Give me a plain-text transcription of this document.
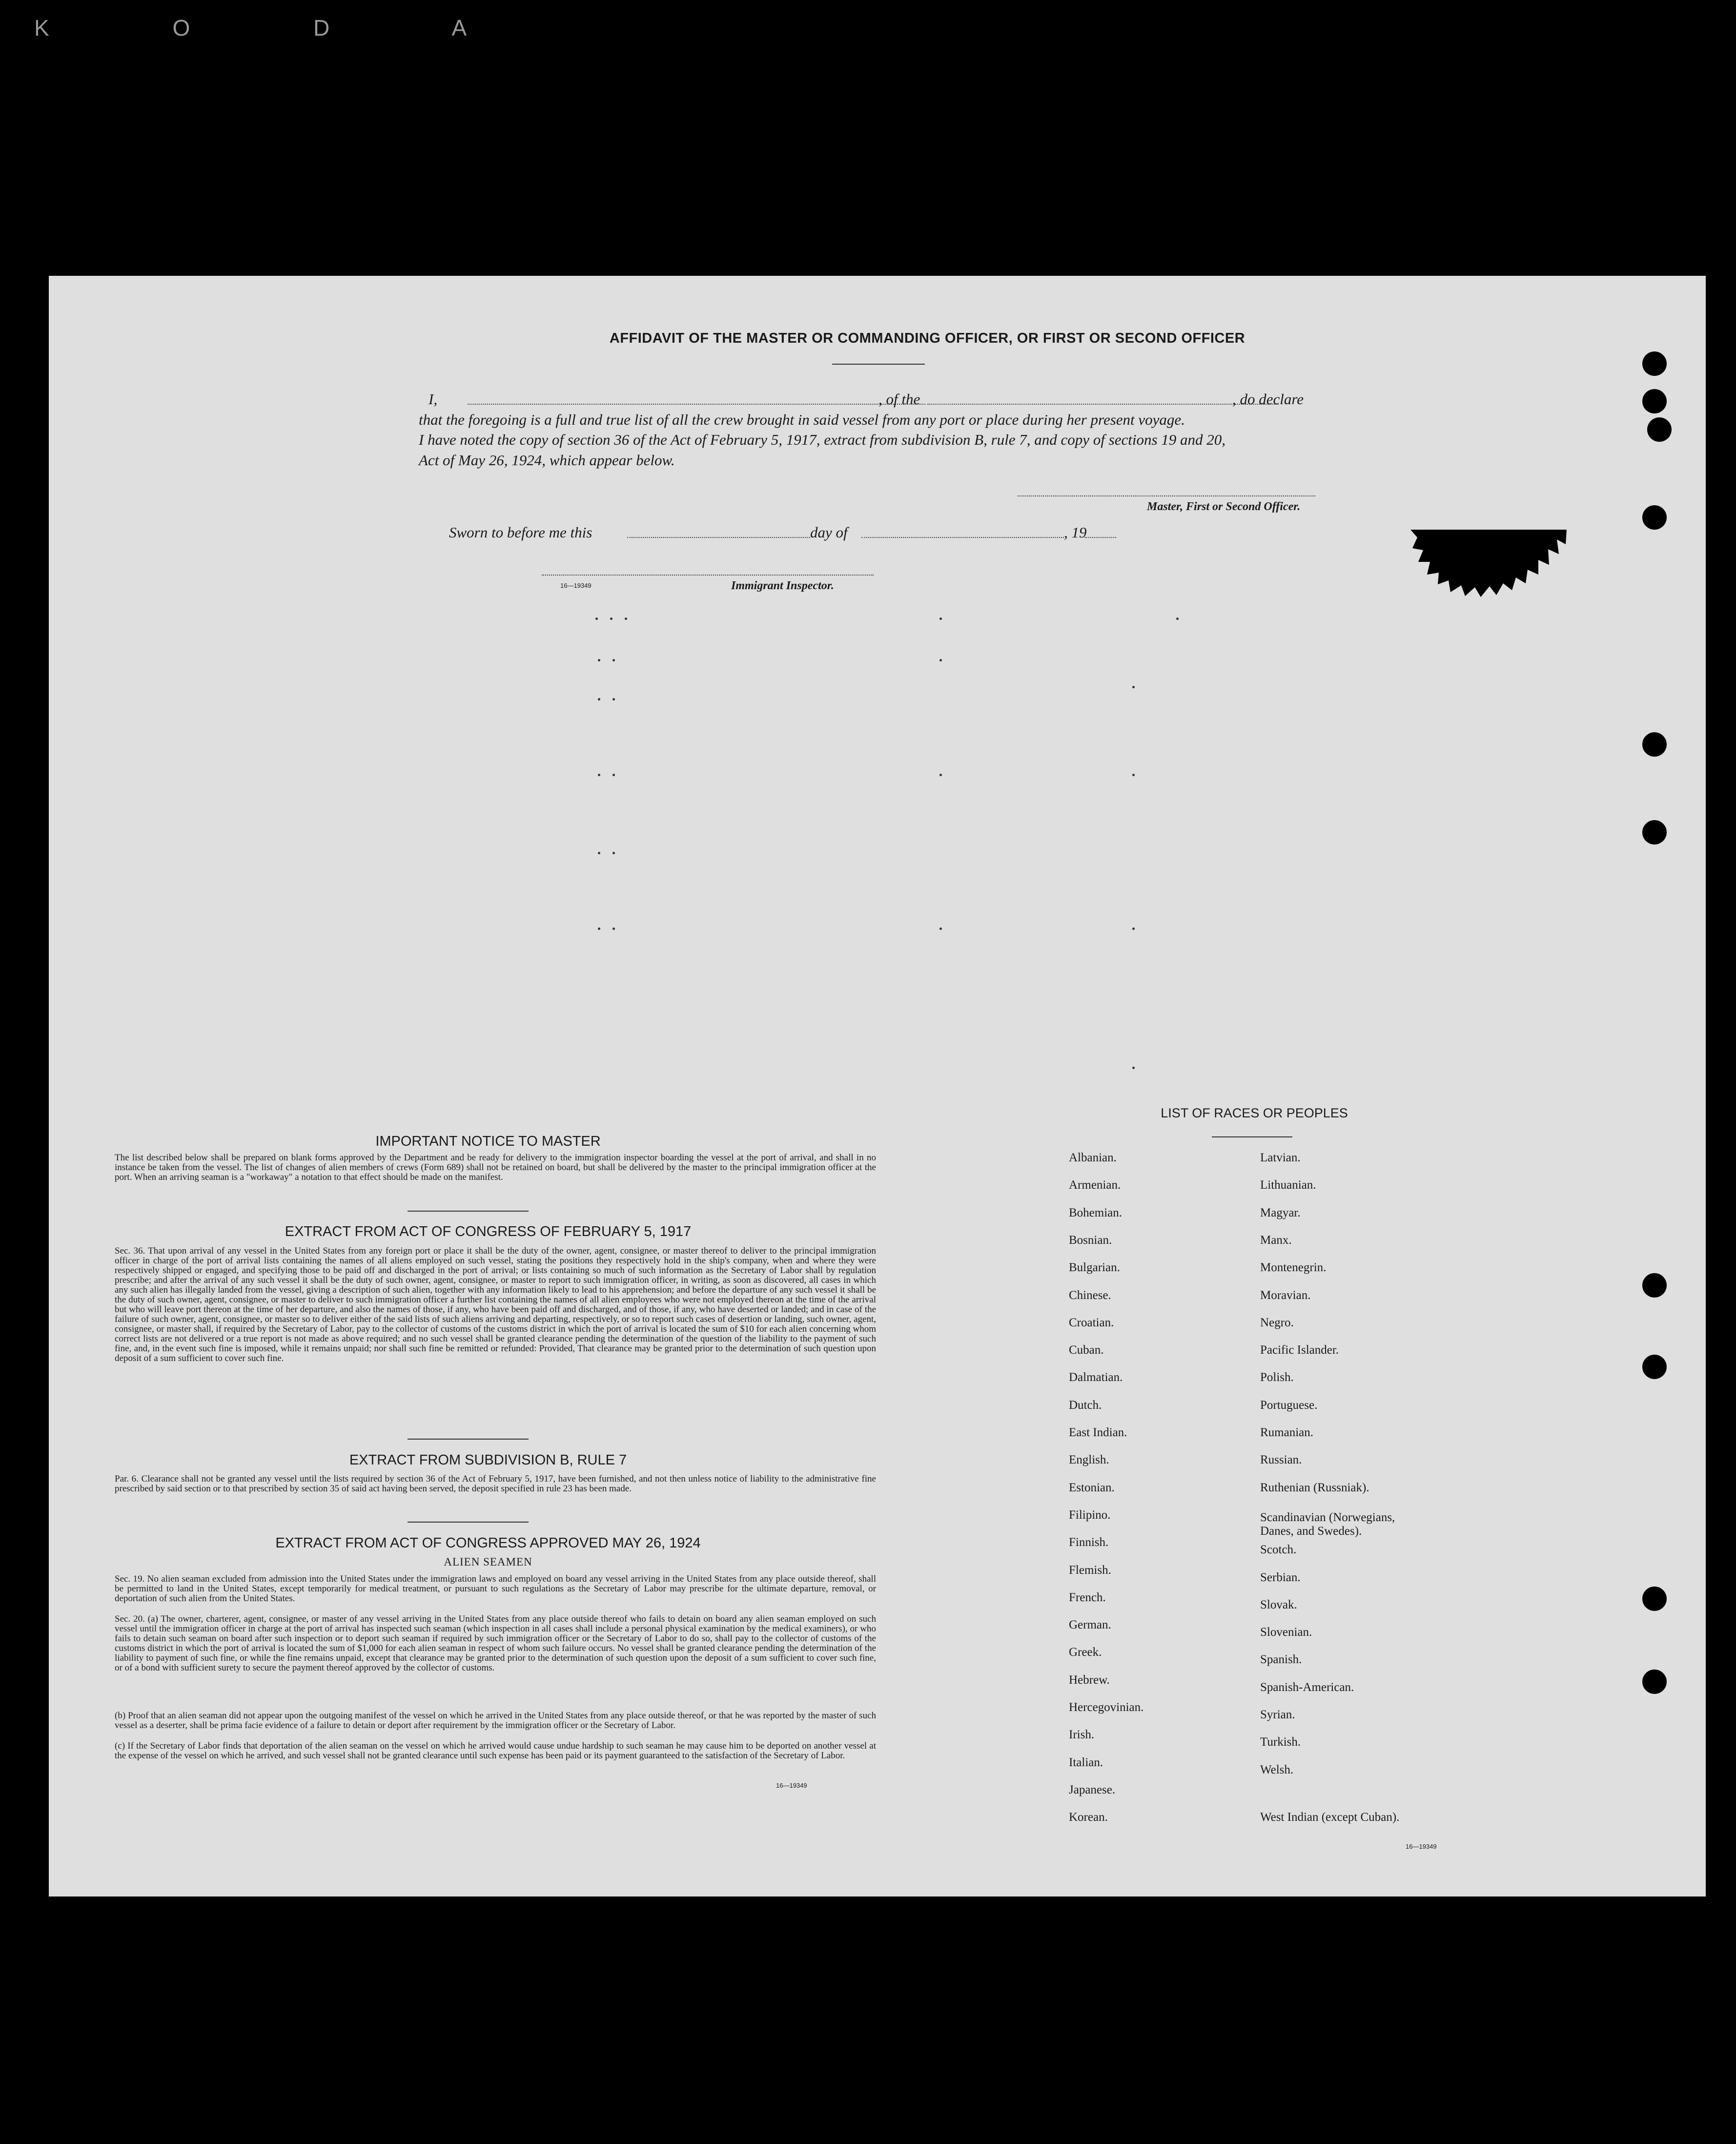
K O D A
AFFIDAVIT OF THE MASTER OR COMMANDING OFFICER, OR FIRST OR SECOND OFFICER
I,	, of the	, do declare
that the foregoing is a full and true list of all the crew brought in said vessel from any port or place during her present voyage.
I have noted the copy of section 36 of the Act of February 5, 1917, extract from subdivision B, rule 7, and copy of sections 19 and 20,
Act of May 26, 1924, which appear below.
Master, First or Second Officer.
Sworn to before me this	day of	, 19
16—19349	Immigrant Inspector.
IMPORTANT NOTICE TO MASTER
The list described below shall be prepared on blank forms approved by the Department and be ready for delivery to the immigration inspector boarding the vessel at the port of arrival, and shall in no instance be taken from the vessel. The list of changes of alien members of crews (Form 689) shall not be retained on board, but shall be delivered by the master to the principal immigration officer at the port. When an arriving seaman is a "workaway" a notation to that effect should be made on the manifest.
EXTRACT FROM ACT OF CONGRESS OF FEBRUARY 5, 1917
Sec. 36. That upon arrival of any vessel in the United States from any foreign port or place it shall be the duty of the owner, agent, consignee, or master thereof to deliver to the principal immigration officer in charge of the port of arrival lists containing the names of all aliens employed on such vessel, stating the positions they respectively hold in the ship's company, when and where they were respectively shipped or engaged, and specifying those to be paid off and discharged in the port of arrival; or lists containing so much of such information as the Secretary of Labor shall by regulation prescribe; and after the arrival of any such vessel it shall be the duty of such owner, agent, consignee, or master to report to such immigration officer, in writing, as soon as discovered, all cases in which any such alien has illegally landed from the vessel, giving a description of such alien, together with any information likely to lead to his apprehension; and before the departure of any such vessel it shall be the duty of such owner, agent, consignee, or master to deliver to such immigration officer a further list containing the names of all alien employees who were not employed thereon at the time of the arrival but who will leave port thereon at the time of her departure, and also the names of those, if any, who have been paid off and discharged, and of those, if any, who have deserted or landed; and in case of the failure of such owner, agent, consignee, or master so to deliver either of the said lists of such aliens arriving and departing, respectively, or so to report such cases of desertion or landing, such owner, agent, consignee, or master shall, if required by the Secretary of Labor, pay to the collector of customs of the customs district in which the port of arrival is located the sum of $10 for each alien concerning whom correct lists are not delivered or a true report is not made as above required; and no such vessel shall be granted clearance pending the determination of the question of the liability to the payment of such fine, and, in the event such fine is imposed, while it remains unpaid; nor shall such fine be remitted or refunded: Provided, That clearance may be granted prior to the determination of such question upon deposit of a sum sufficient to cover such fine.
EXTRACT FROM SUBDIVISION B, RULE 7
Par. 6. Clearance shall not be granted any vessel until the lists required by section 36 of the Act of February 5, 1917, have been furnished, and not then unless notice of liability to the administrative fine prescribed by said section or to that prescribed by section 35 of said act having been served, the deposit specified in rule 23 has been made.
EXTRACT FROM ACT OF CONGRESS APPROVED MAY 26, 1924
ALIEN SEAMEN
Sec. 19. No alien seaman excluded from admission into the United States under the immigration laws and employed on board any vessel arriving in the United States from any place outside thereof, shall be permitted to land in the United States, except temporarily for medical treatment, or pursuant to such regulations as the Secretary of Labor may prescribe for the ultimate departure, removal, or deportation of such alien from the United States.
Sec. 20. (a) The owner, charterer, agent, consignee, or master of any vessel arriving in the United States from any place outside thereof who fails to detain on board any alien seaman employed on such vessel until the immigration officer in charge at the port of arrival has inspected such seaman (which inspection in all cases shall include a personal physical examination by the medical examiners), or who fails to detain such seaman on board after such inspection or to deport such seaman if required by such immigration officer or the Secretary of Labor to do so, shall pay to the collector of customs of the customs district in which the port of arrival is located the sum of $1,000 for each alien seaman in respect of whom such failure occurs. No vessel shall be granted clearance pending the determination of the liability to payment of such fine, or while the fine remains unpaid, except that clearance may be granted prior to the determination of such question upon the deposit of a sum sufficient to cover such fine, or of a bond with sufficient surety to secure the payment thereof approved by the collector of customs.
(b) Proof that an alien seaman did not appear upon the outgoing manifest of the vessel on which he arrived in the United States from any place outside thereof, or that he was reported by the master of such vessel as a deserter, shall be prima facie evidence of a failure to detain or deport after requirement by the immigration officer or the Secretary of Labor.
(c) If the Secretary of Labor finds that deportation of the alien seaman on the vessel on which he arrived would cause undue hardship to such seaman he may cause him to be deported on another vessel at the expense of the vessel on which he arrived, and such vessel shall not be granted clearance until such expense has been paid or its payment guaranteed to the satisfaction of the Secretary of Labor.
16—19349
LIST OF RACES OR PEOPLES
16—19349
Albanian.
Armenian.
Bohemian.
Bosnian.
Bulgarian.
Chinese.
Croatian.
Cuban.
Dalmatian.
Dutch.
East Indian.
English.
Estonian.
Filipino.
Finnish.
Flemish.
French.
German.
Greek.
Hebrew.
Hercegovinian.
Irish.
Italian.
Japanese.
Korean.
Latvian.
Lithuanian.
Magyar.
Manx.
Montenegrin.
Moravian.
Negro.
Pacific Islander.
Polish.
Portuguese.
Rumanian.
Russian.
Ruthenian (Russniak).
Scandinavian (Norwegians,
Danes, and Swedes).
Scotch.
Serbian.
Slovak.
Slovenian.
Spanish.
Spanish-American.
Syrian.
Turkish.
Welsh.
West Indian (except Cuban).
